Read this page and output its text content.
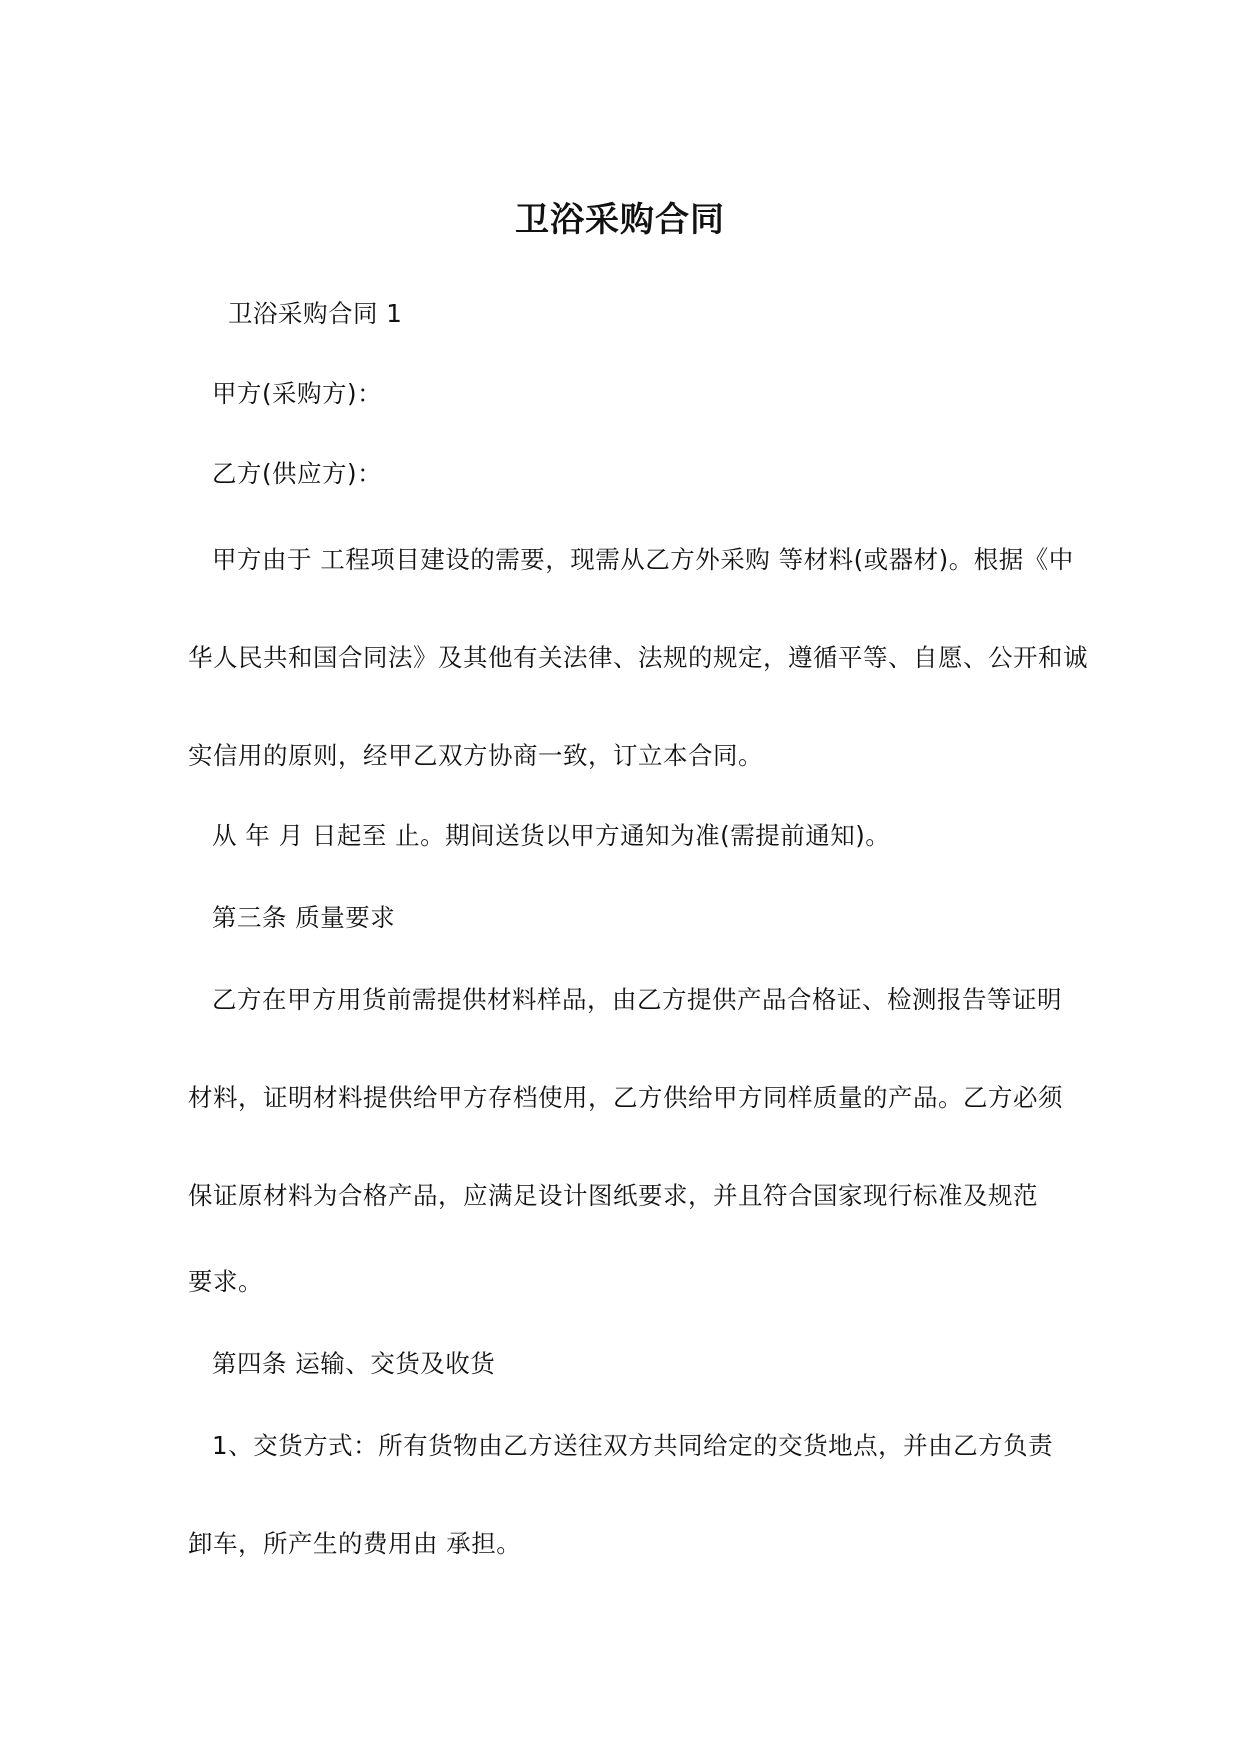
卫浴采购合同
卫浴采购合同 1
甲方(采购方)：
乙方(供应方)：
甲方由于 工程项目建设的需要，现需从乙方外采购 等材料(或器材)。根据《中
华人民共和国合同法》及其他有关法律、法规的规定，遵循平等、自愿、公开和诚
实信用的原则，经甲乙双方协商一致，订立本合同。
从 年 月 日起至 止。期间送货以甲方通知为准(需提前通知)。
第三条 质量要求
乙方在甲方用货前需提供材料样品，由乙方提供产品合格证、检测报告等证明
材料，证明材料提供给甲方存档使用，乙方供给甲方同样质量的产品。乙方必须
保证原材料为合格产品，应满足设计图纸要求，并且符合国家现行标准及规范
要求。
第四条 运输、交货及收货
1、交货方式：所有货物由乙方送往双方共同给定的交货地点，并由乙方负责
卸车，所产生的费用由 承担。
